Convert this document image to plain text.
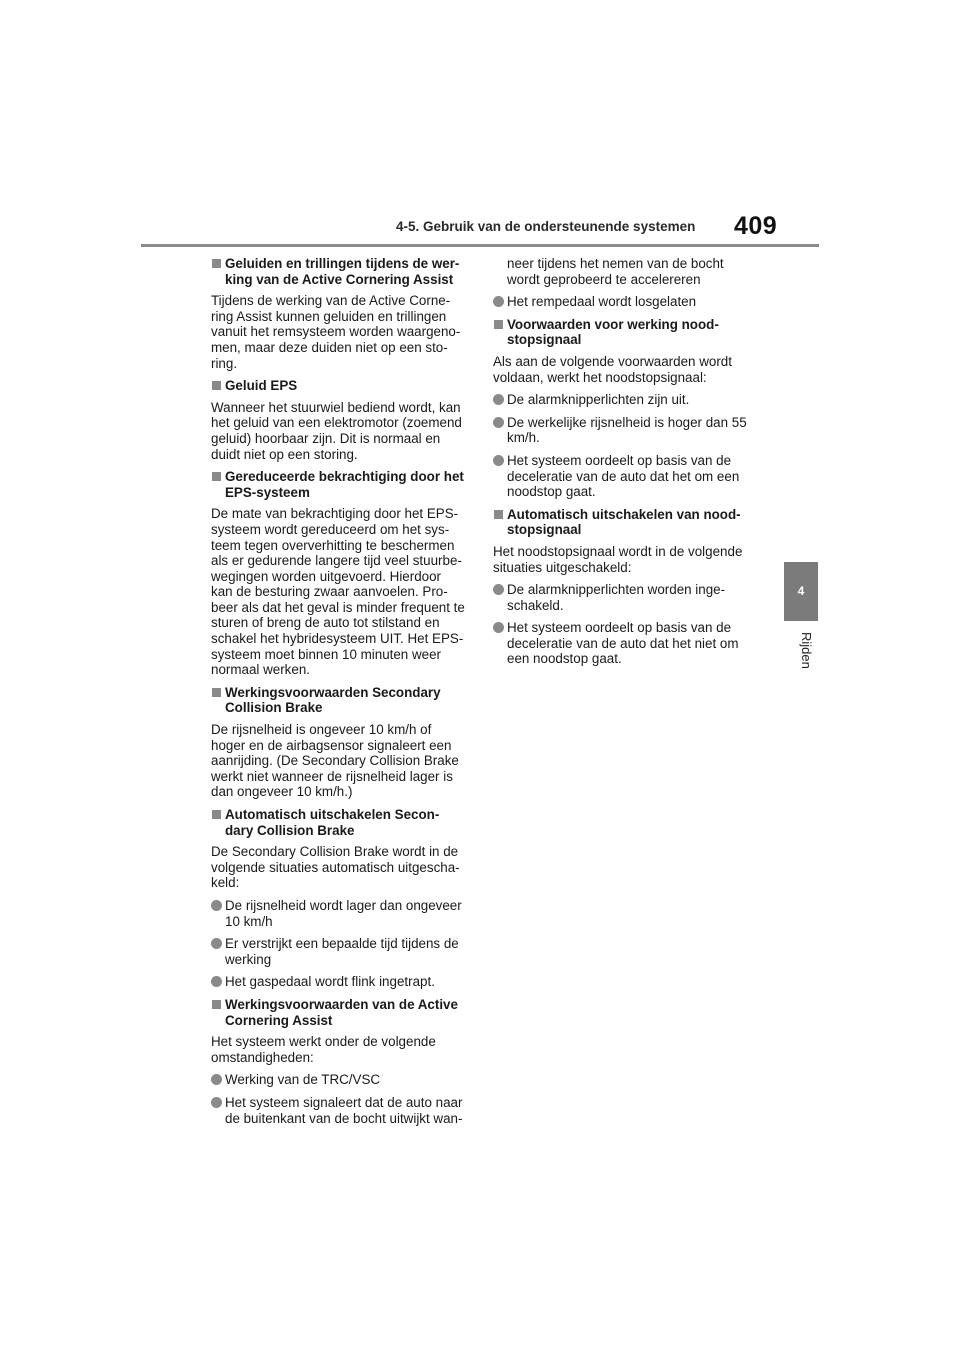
4-5. Gebruik van de ondersteunende systemen 409
4
Rijden
Geluiden en trillingen tijdens de wer-
king van de Active Cornering Assist
Tijdens de werking van de Active Corne-
ring Assist kunnen geluiden en trillingen
vanuit het remsysteem worden waargeno-
men, maar deze duiden niet op een sto-
ring.
Geluid EPS
Wanneer het stuurwiel bediend wordt, kan
het geluid van een elektromotor (zoemend
geluid) hoorbaar zijn. Dit is normaal en
duidt niet op een storing.
Gereduceerde bekrachtiging door het
EPS-systeem
De mate van bekrachtiging door het EPS-
systeem wordt gereduceerd om het sys-
teem tegen oververhitting te beschermen
als er gedurende langere tijd veel stuurbe-
wegingen worden uitgevoerd. Hierdoor
kan de besturing zwaar aanvoelen. Pro-
beer als dat het geval is minder frequent te
sturen of breng de auto tot stilstand en
schakel het hybridesysteem UIT. Het EPS-
systeem moet binnen 10 minuten weer
normaal werken.
Werkingsvoorwaarden Secondary
Collision Brake
De rijsnelheid is ongeveer 10 km/h of
hoger en de airbagsensor signaleert een
aanrijding. (De Secondary Collision Brake
werkt niet wanneer de rijsnelheid lager is
dan ongeveer 10 km/h.)
Automatisch uitschakelen Secon-
dary Collision Brake
De Secondary Collision Brake wordt in de
volgende situaties automatisch uitgescha-
keld:
De rijsnelheid wordt lager dan ongeveer
10 km/h
Er verstrijkt een bepaalde tijd tijdens de
werking
Het gaspedaal wordt flink ingetrapt.
Werkingsvoorwaarden van de Active
Cornering Assist
Het systeem werkt onder de volgende
omstandigheden:
Werking van de TRC/VSC
Het systeem signaleert dat de auto naar
de buitenkant van de bocht uitwijkt wan-
neer tijdens het nemen van de bocht
wordt geprobeerd te accelereren
Het rempedaal wordt losgelaten
Voorwaarden voor werking nood-
stopsignaal
Als aan de volgende voorwaarden wordt
voldaan, werkt het noodstopsignaal:
De alarmknipperlichten zijn uit.
De werkelijke rijsnelheid is hoger dan 55
km/h.
Het systeem oordeelt op basis van de
deceleratie van de auto dat het om een
noodstop gaat.
Automatisch uitschakelen van nood-
stopsignaal
Het noodstopsignaal wordt in de volgende
situaties uitgeschakeld:
De alarmknipperlichten worden inge-
schakeld.
Het systeem oordeelt op basis van de
deceleratie van de auto dat het niet om
een noodstop gaat.
